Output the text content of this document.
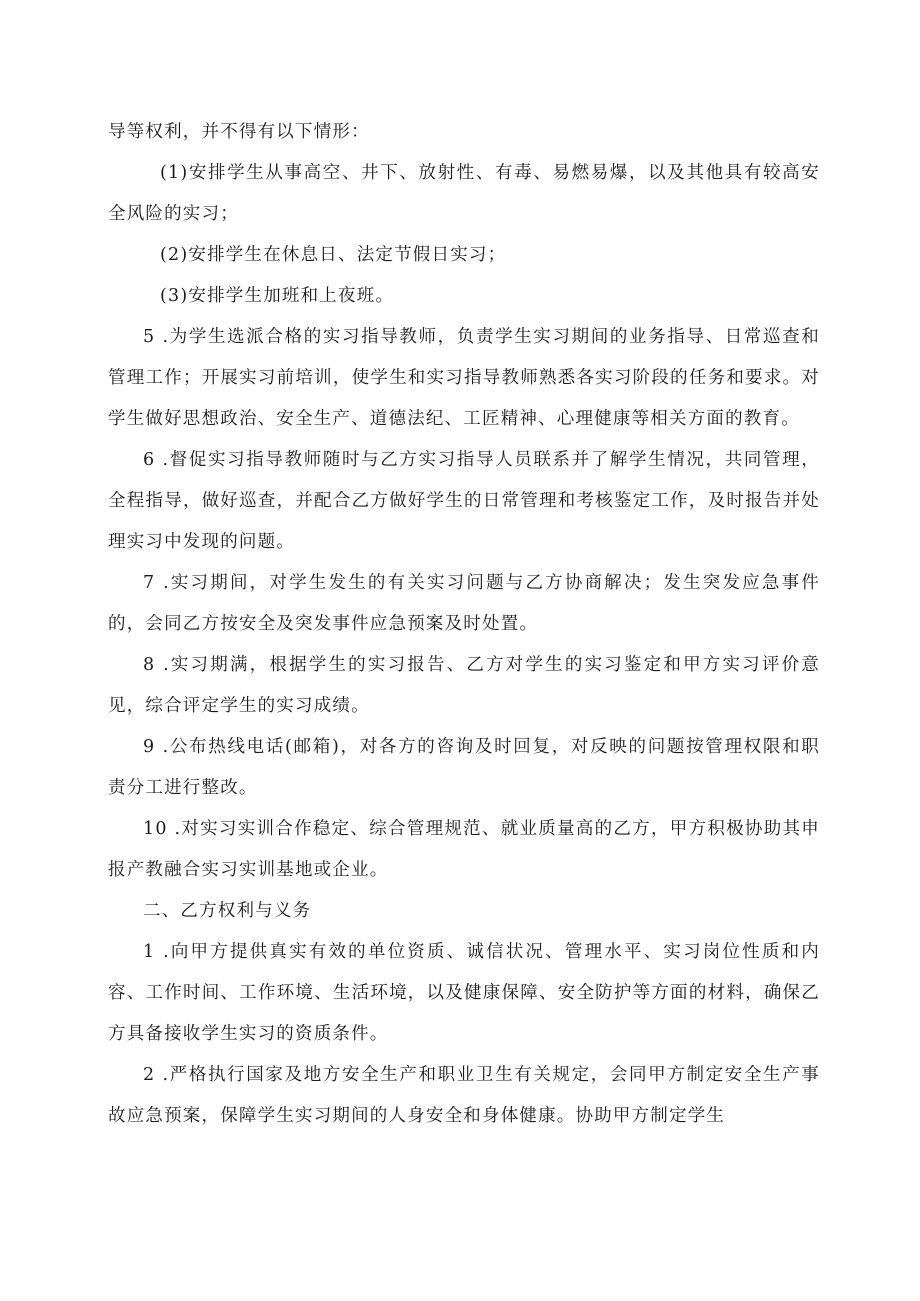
导等权利，并不得有以下情形：

(1)安排学生从事高空、井下、放射性、有毒、易燃易爆，以及其他具有较高安全风险的实习；

(2)安排学生在休息日、法定节假日实习；

(3)安排学生加班和上夜班。

5 .为学生选派合格的实习指导教师，负责学生实习期间的业务指导、日常巡查和管理工作；开展实习前培训，使学生和实习指导教师熟悉各实习阶段的任务和要求。对学生做好思想政治、安全生产、道德法纪、工匠精神、心理健康等相关方面的教育。

6 .督促实习指导教师随时与乙方实习指导人员联系并了解学生情况，共同管理，全程指导，做好巡查，并配合乙方做好学生的日常管理和考核鉴定工作，及时报告并处理实习中发现的问题。

7 .实习期间，对学生发生的有关实习问题与乙方协商解决；发生突发应急事件的，会同乙方按安全及突发事件应急预案及时处置。

8 .实习期满，根据学生的实习报告、乙方对学生的实习鉴定和甲方实习评价意见，综合评定学生的实习成绩。

9 .公布热线电话(邮箱)，对各方的咨询及时回复，对反映的问题按管理权限和职责分工进行整改。

10 .对实习实训合作稳定、综合管理规范、就业质量高的乙方，甲方积极协助其申报产教融合实习实训基地或企业。

二、乙方权利与义务

1 .向甲方提供真实有效的单位资质、诚信状况、管理水平、实习岗位性质和内容、工作时间、工作环境、生活环境，以及健康保障、安全防护等方面的材料，确保乙方具备接收学生实习的资质条件。

2 .严格执行国家及地方安全生产和职业卫生有关规定，会同甲方制定安全生产事故应急预案，保障学生实习期间的人身安全和身体健康。协助甲方制定学生
